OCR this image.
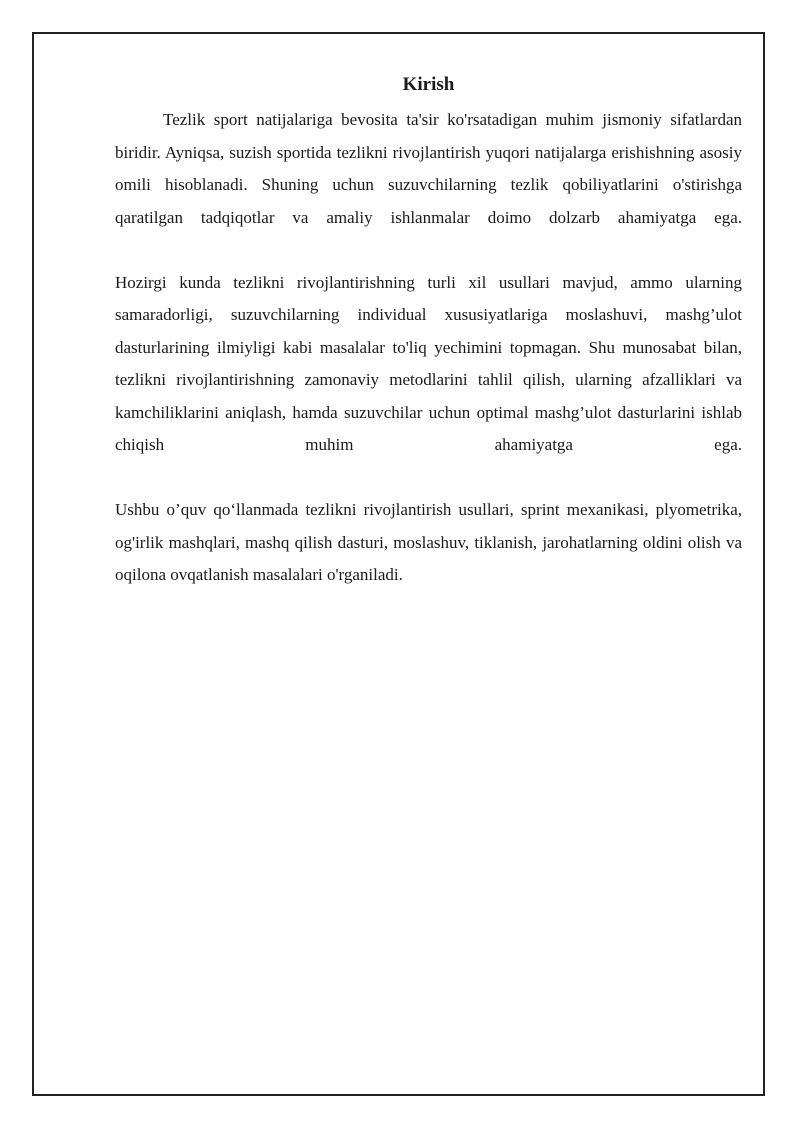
Kirish

Tezlik sport natijalariga bevosita ta'sir ko'rsatadigan muhim jismoniy sifatlardan biridir. Ayniqsa, suzish sportida tezlikni rivojlantirish yuqori natijalarga erishishning asosiy omili hisoblanadi. Shuning uchun suzuvchilarning tezlik qobiliyatlarini o'stirishga qaratilgan tadqiqotlar va amaliy ishlanmalar doimo dolzarb ahamiyatga ega.

Hozirgi kunda tezlikni rivojlantirishning turli xil usullari mavjud, ammo ularning samaradorligi, suzuvchilarning individual xususiyatlariga moslashuvi, mashg’ulot dasturlarining ilmiyligi kabi masalalar to'liq yechimini topmagan. Shu munosabat bilan, tezlikni rivojlantirishning zamonaviy metodlarini tahlil qilish, ularning afzalliklari va kamchiliklarini aniqlash, hamda suzuvchilar uchun optimal mashg’ulot dasturlarini ishlab chiqish muhim ahamiyatga ega.

Ushbu o’quv qo‘llanmada tezlikni rivojlantirish usullari, sprint mexanikasi, plyometrika, og'irlik mashqlari, mashq qilish dasturi, moslashuv, tiklanish, jarohatlarning oldini olish va oqilona ovqatlanish masalalari o'rganiladi.
